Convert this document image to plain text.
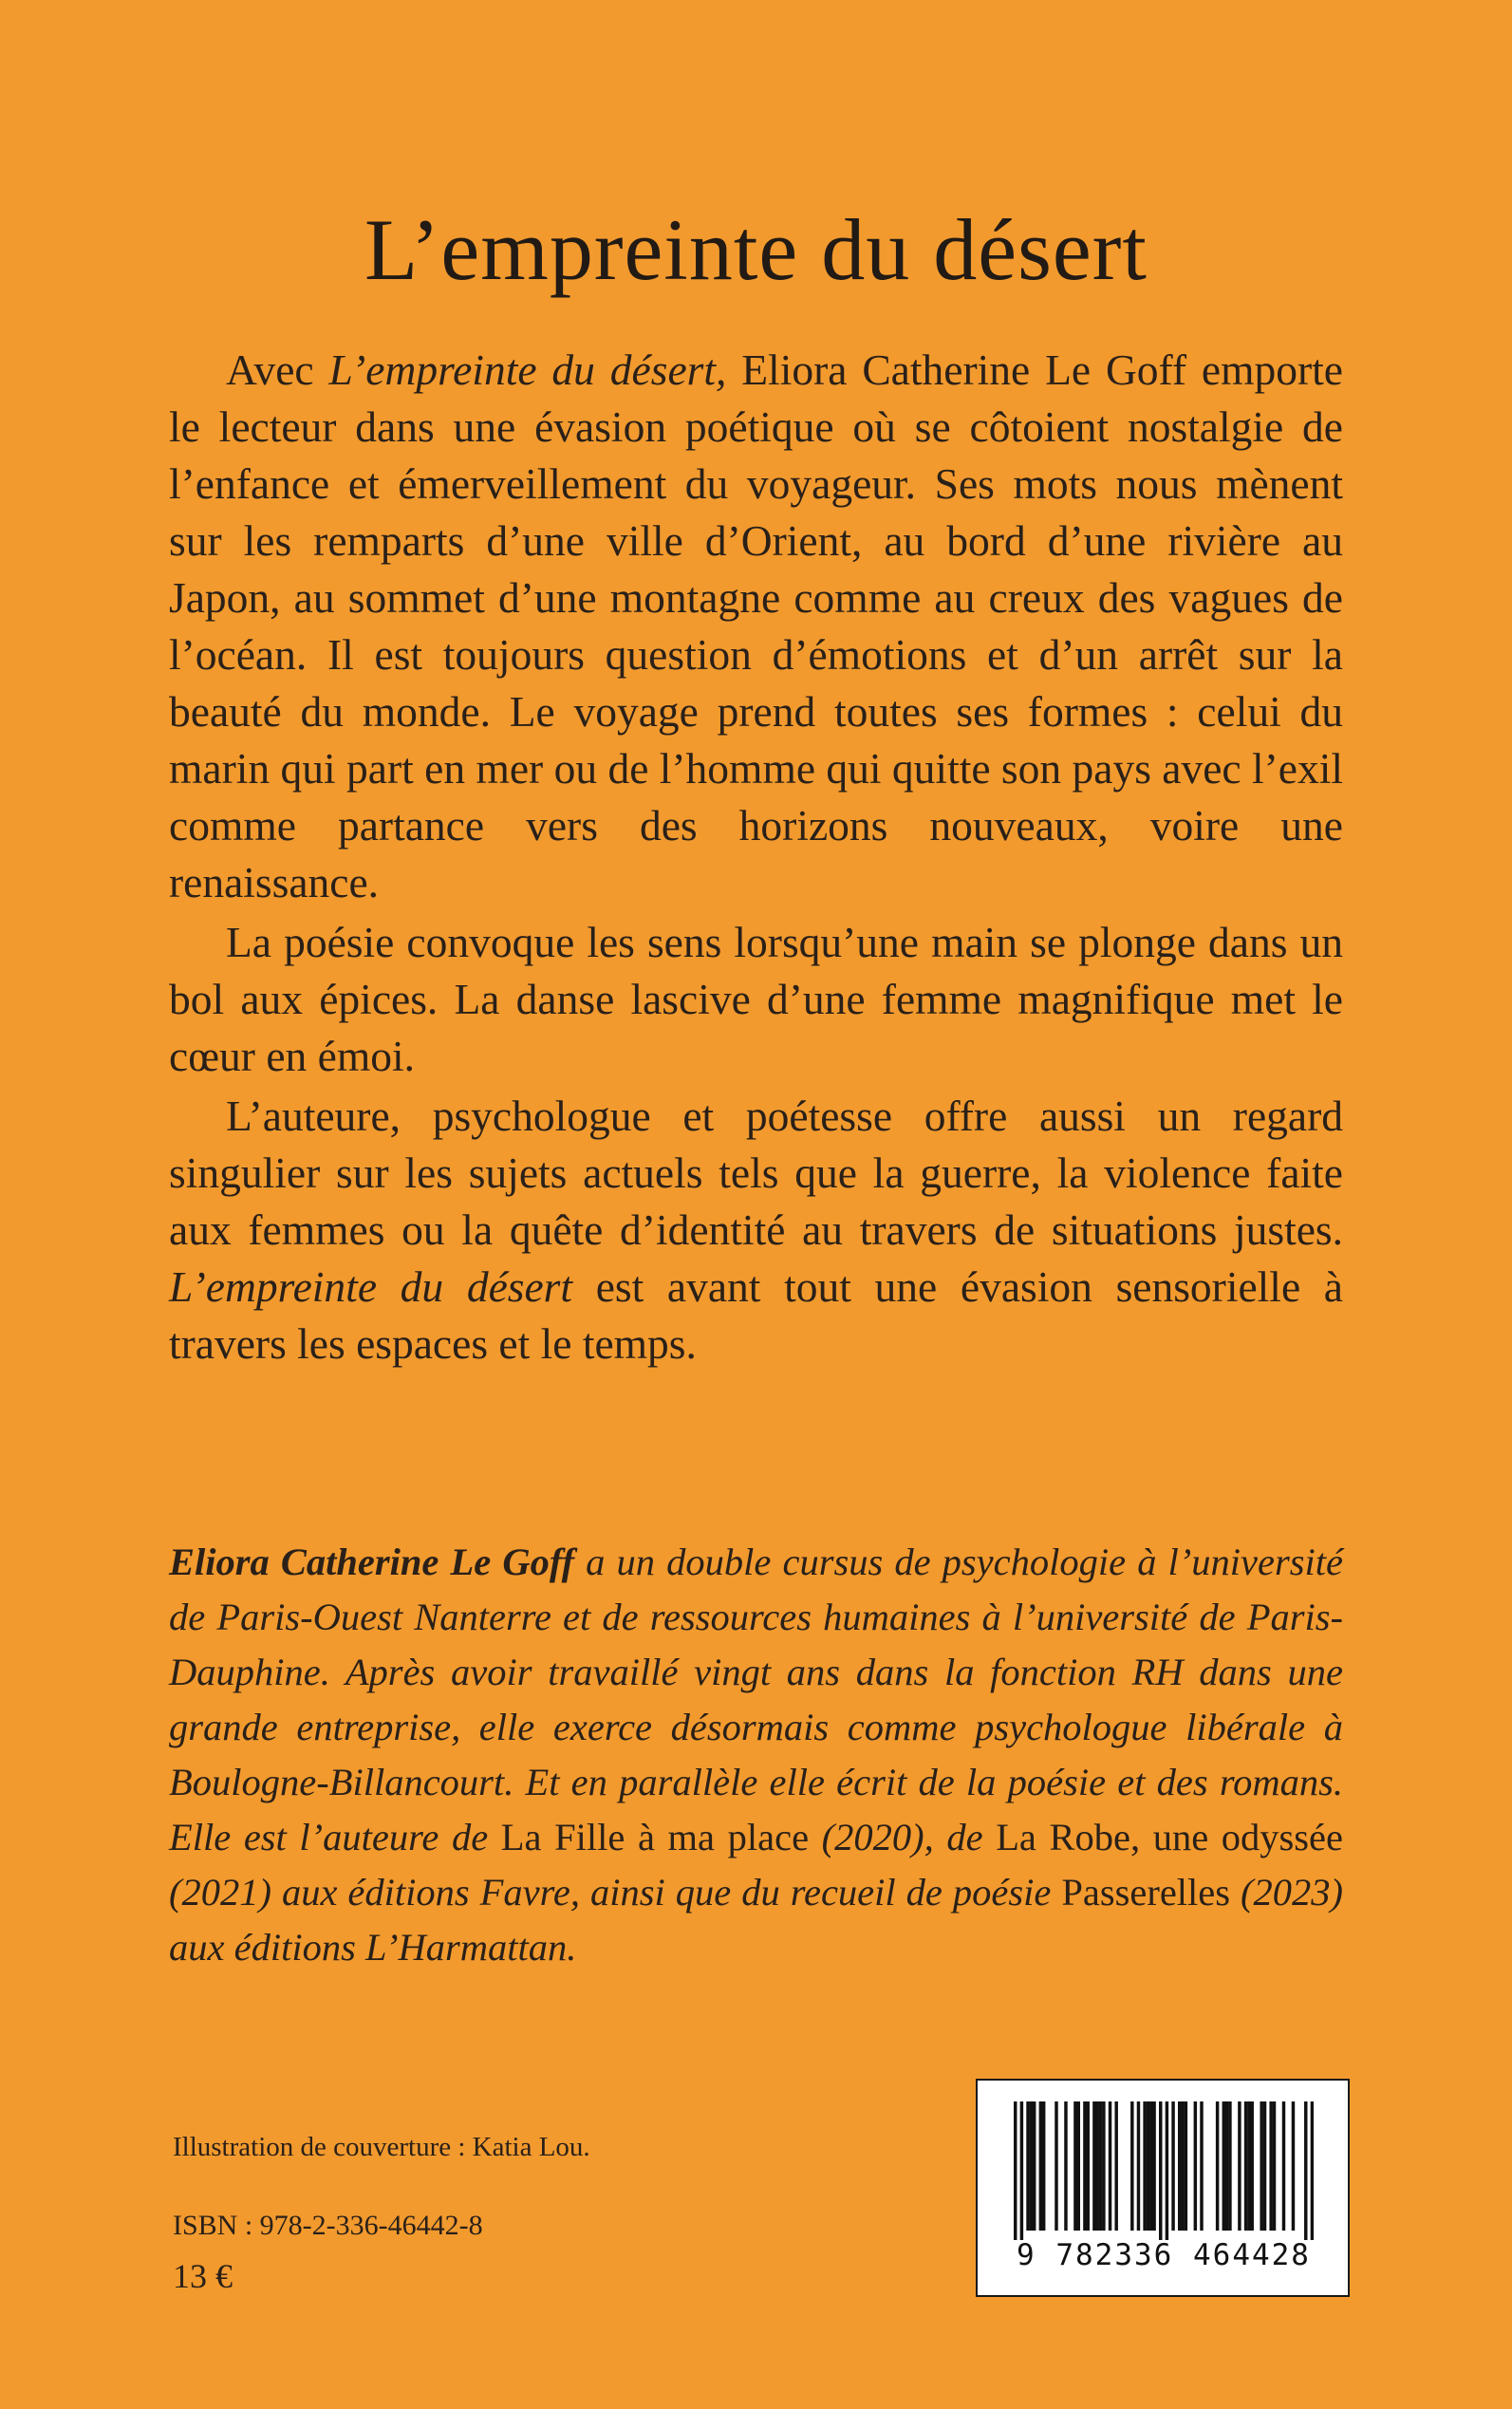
L’empreinte du désert

Avec L’empreinte du désert, Eliora Catherine Le Goff emporte le lecteur dans une évasion poétique où se côtoient nostalgie de l’enfance et émerveillement du voyageur. Ses mots nous mènent sur les remparts d’une ville d’Orient, au bord d’une rivière au Japon, au sommet d’une montagne comme au creux des vagues de l’océan. Il est toujours question d’émotions et d’un arrêt sur la beauté du monde. Le voyage prend toutes ses formes : celui du marin qui part en mer ou de l’homme qui quitte son pays avec l’exil comme partance vers des horizons nouveaux, voire une renaissance.

La poésie convoque les sens lorsqu’une main se plonge dans un bol aux épices. La danse lascive d’une femme magnifique met le cœur en émoi.

L’auteure, psychologue et poétesse offre aussi un regard singulier sur les sujets actuels tels que la guerre, la violence faite aux femmes ou la quête d’identité au travers de situations justes. L’empreinte du désert est avant tout une évasion sensorielle à travers les espaces et le temps.

Eliora Catherine Le Goff a un double cursus de psychologie à l’université de Paris-Ouest Nanterre et de ressources humaines à l’université de Paris-Dauphine. Après avoir travaillé vingt ans dans la fonction RH dans une grande entreprise, elle exerce désormais comme psychologue libérale à Boulogne-Billancourt. Et en parallèle elle écrit de la poésie et des romans. Elle est l’auteure de La Fille à ma place (2020), de La Robe, une odyssée (2021) aux éditions Favre, ainsi que du recueil de poésie Passerelles (2023) aux éditions L’Harmattan.

Illustration de couverture : Katia Lou.
ISBN : 978-2-336-46442-8
13 €
9 782336 464428
